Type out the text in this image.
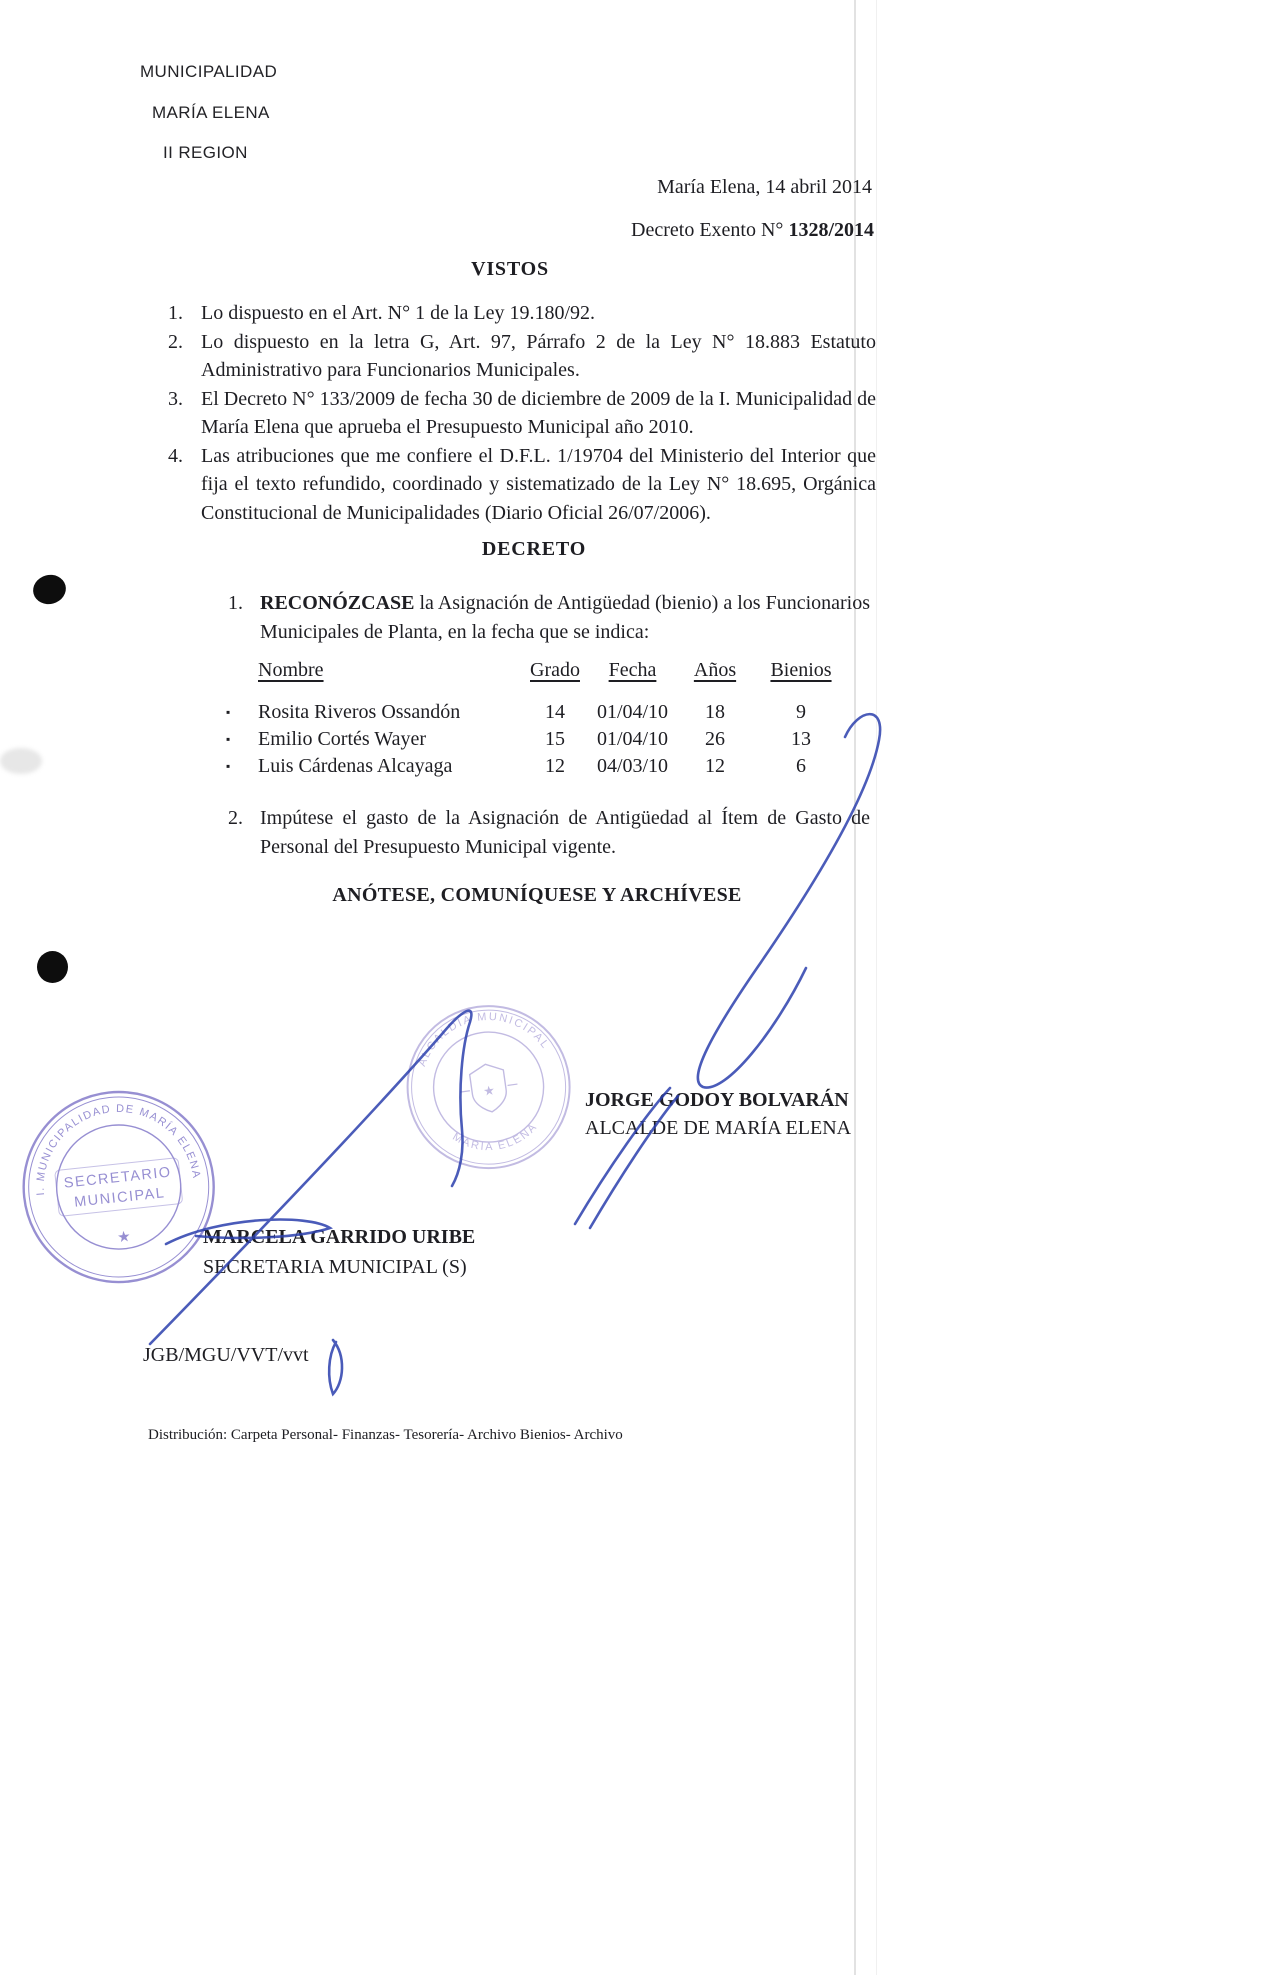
MUNICIPALIDAD
MARÍA ELENA
II REGION
María Elena, 14 abril 2014
Decreto Exento N° 1328/2014
VISTOS
1. Lo dispuesto en el Art. N° 1 de la Ley 19.180/92.
2. Lo dispuesto en la letra G, Art. 97, Párrafo 2 de la Ley N° 18.883 Estatuto Administrativo para Funcionarios Municipales.
3. El Decreto N° 133/2009 de fecha 30 de diciembre de 2009 de la I. Municipalidad de María Elena que aprueba el Presupuesto Municipal año 2010.
4. Las atribuciones que me confiere el D.F.L. 1/19704 del Ministerio del Interior que fija el texto refundido, coordinado y sistematizado de la Ley N° 18.695, Orgánica Constitucional de Municipalidades (Diario Oficial 26/07/2006).
DECRETO
1. RECONÓZCASE la Asignación de Antigüedad (bienio) a los Funcionarios Municipales de Planta, en la fecha que se indica:
Nombre	Grado	Fecha	Años	Bienios
▪	Rosita Riveros Ossandón	14	01/04/10	18	9
▪	Emilio Cortés Wayer	15	01/04/10	26	13
▪	Luis Cárdenas Alcayaga	12	04/03/10	12	6
2. Impútese el gasto de la Asignación de Antigüedad al Ítem de Gasto de Personal del Presupuesto Municipal vigente.
ANÓTESE, COMUNÍQUESE Y ARCHÍVESE
JORGE GODOY BOLVARÁN
ALCALDE DE MARÍA ELENA
MARCELA GARRIDO URIBE
SECRETARIA MUNICIPAL (S)
JGB/MGU/VVT/vvt
Distribución: Carpeta Personal- Finanzas- Tesorería- Archivo Bienios- Archivo
I. MUNICIPALIDAD DE MARÍA ELENA
SECRETARIO
MUNICIPAL
★
ALCALDIA MUNICIPAL
MARIA ELENA
★
